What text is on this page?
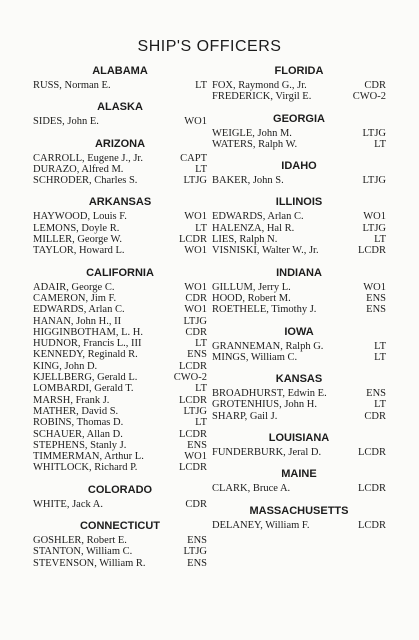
SHIP'S OFFICERS
ALABAMA
RUSS, Norman E.	LT
ALASKA
SIDES, John E.	WO1
ARIZONA
CARROLL, Eugene J., Jr.	CAPT
DURAZO, Alfred M.	LT
SCHRODER, Charles S.	LTJG
ARKANSAS
HAYWOOD, Louis F.	WO1
LEMONS, Doyle R.	LT
MILLER, George W.	LCDR
TAYLOR, Howard L.	WO1
CALIFORNIA
ADAIR, George C.	WO1
CAMERON, Jim F.	CDR
EDWARDS, Arlan C.	WO1
HANAN, John H., II	LTJG
HIGGINBOTHAM, L. H.	CDR
HUDNOR, Francis L., III	LT
KENNEDY, Reginald R.	ENS
KING, John D.	LCDR
KJELLBERG, Gerald L.	CWO-2
LOMBARDI, Gerald T.	LT
MARSH, Frank J.	LCDR
MATHER, David S.	LTJG
ROBINS, Thomas D.	LT
SCHAUER, Allan D.	LCDR
STEPHENS, Stanly J.	ENS
TIMMERMAN, Arthur L.	WO1
WHITLOCK, Richard P.	LCDR
COLORADO
WHITE, Jack A.	CDR
CONNECTICUT
GOSHLER, Robert E.	ENS
STANTON, William C.	LTJG
STEVENSON, William R.	ENS
FLORIDA
FOX, Raymond G., Jr.	CDR
FREDERICK, Virgil E.	CWO-2
GEORGIA
WEIGLE, John M.	LTJG
WATERS, Ralph W.	LT
IDAHO
BAKER, John S.	LTJG
ILLINOIS
EDWARDS, Arlan C.	WO1
HALENZA, Hal R.	LTJG
LIES, Ralph N.	LT
VISNISKI, Walter W., Jr.	LCDR
INDIANA
GILLUM, Jerry L.	WO1
HOOD, Robert M.	ENS
ROETHELE, Timothy J.	ENS
IOWA
GRANNEMAN, Ralph G.	LT
MINGS, William C.	LT
KANSAS
BROADHURST, Edwin E.	ENS
GROTENHIUS, John H.	LT
SHARP, Gail J.	CDR
LOUISIANA
FUNDERBURK, Jeral D.	LCDR
MAINE
CLARK, Bruce A.	LCDR
MASSACHUSETTS
DELANEY, William F.	LCDR
